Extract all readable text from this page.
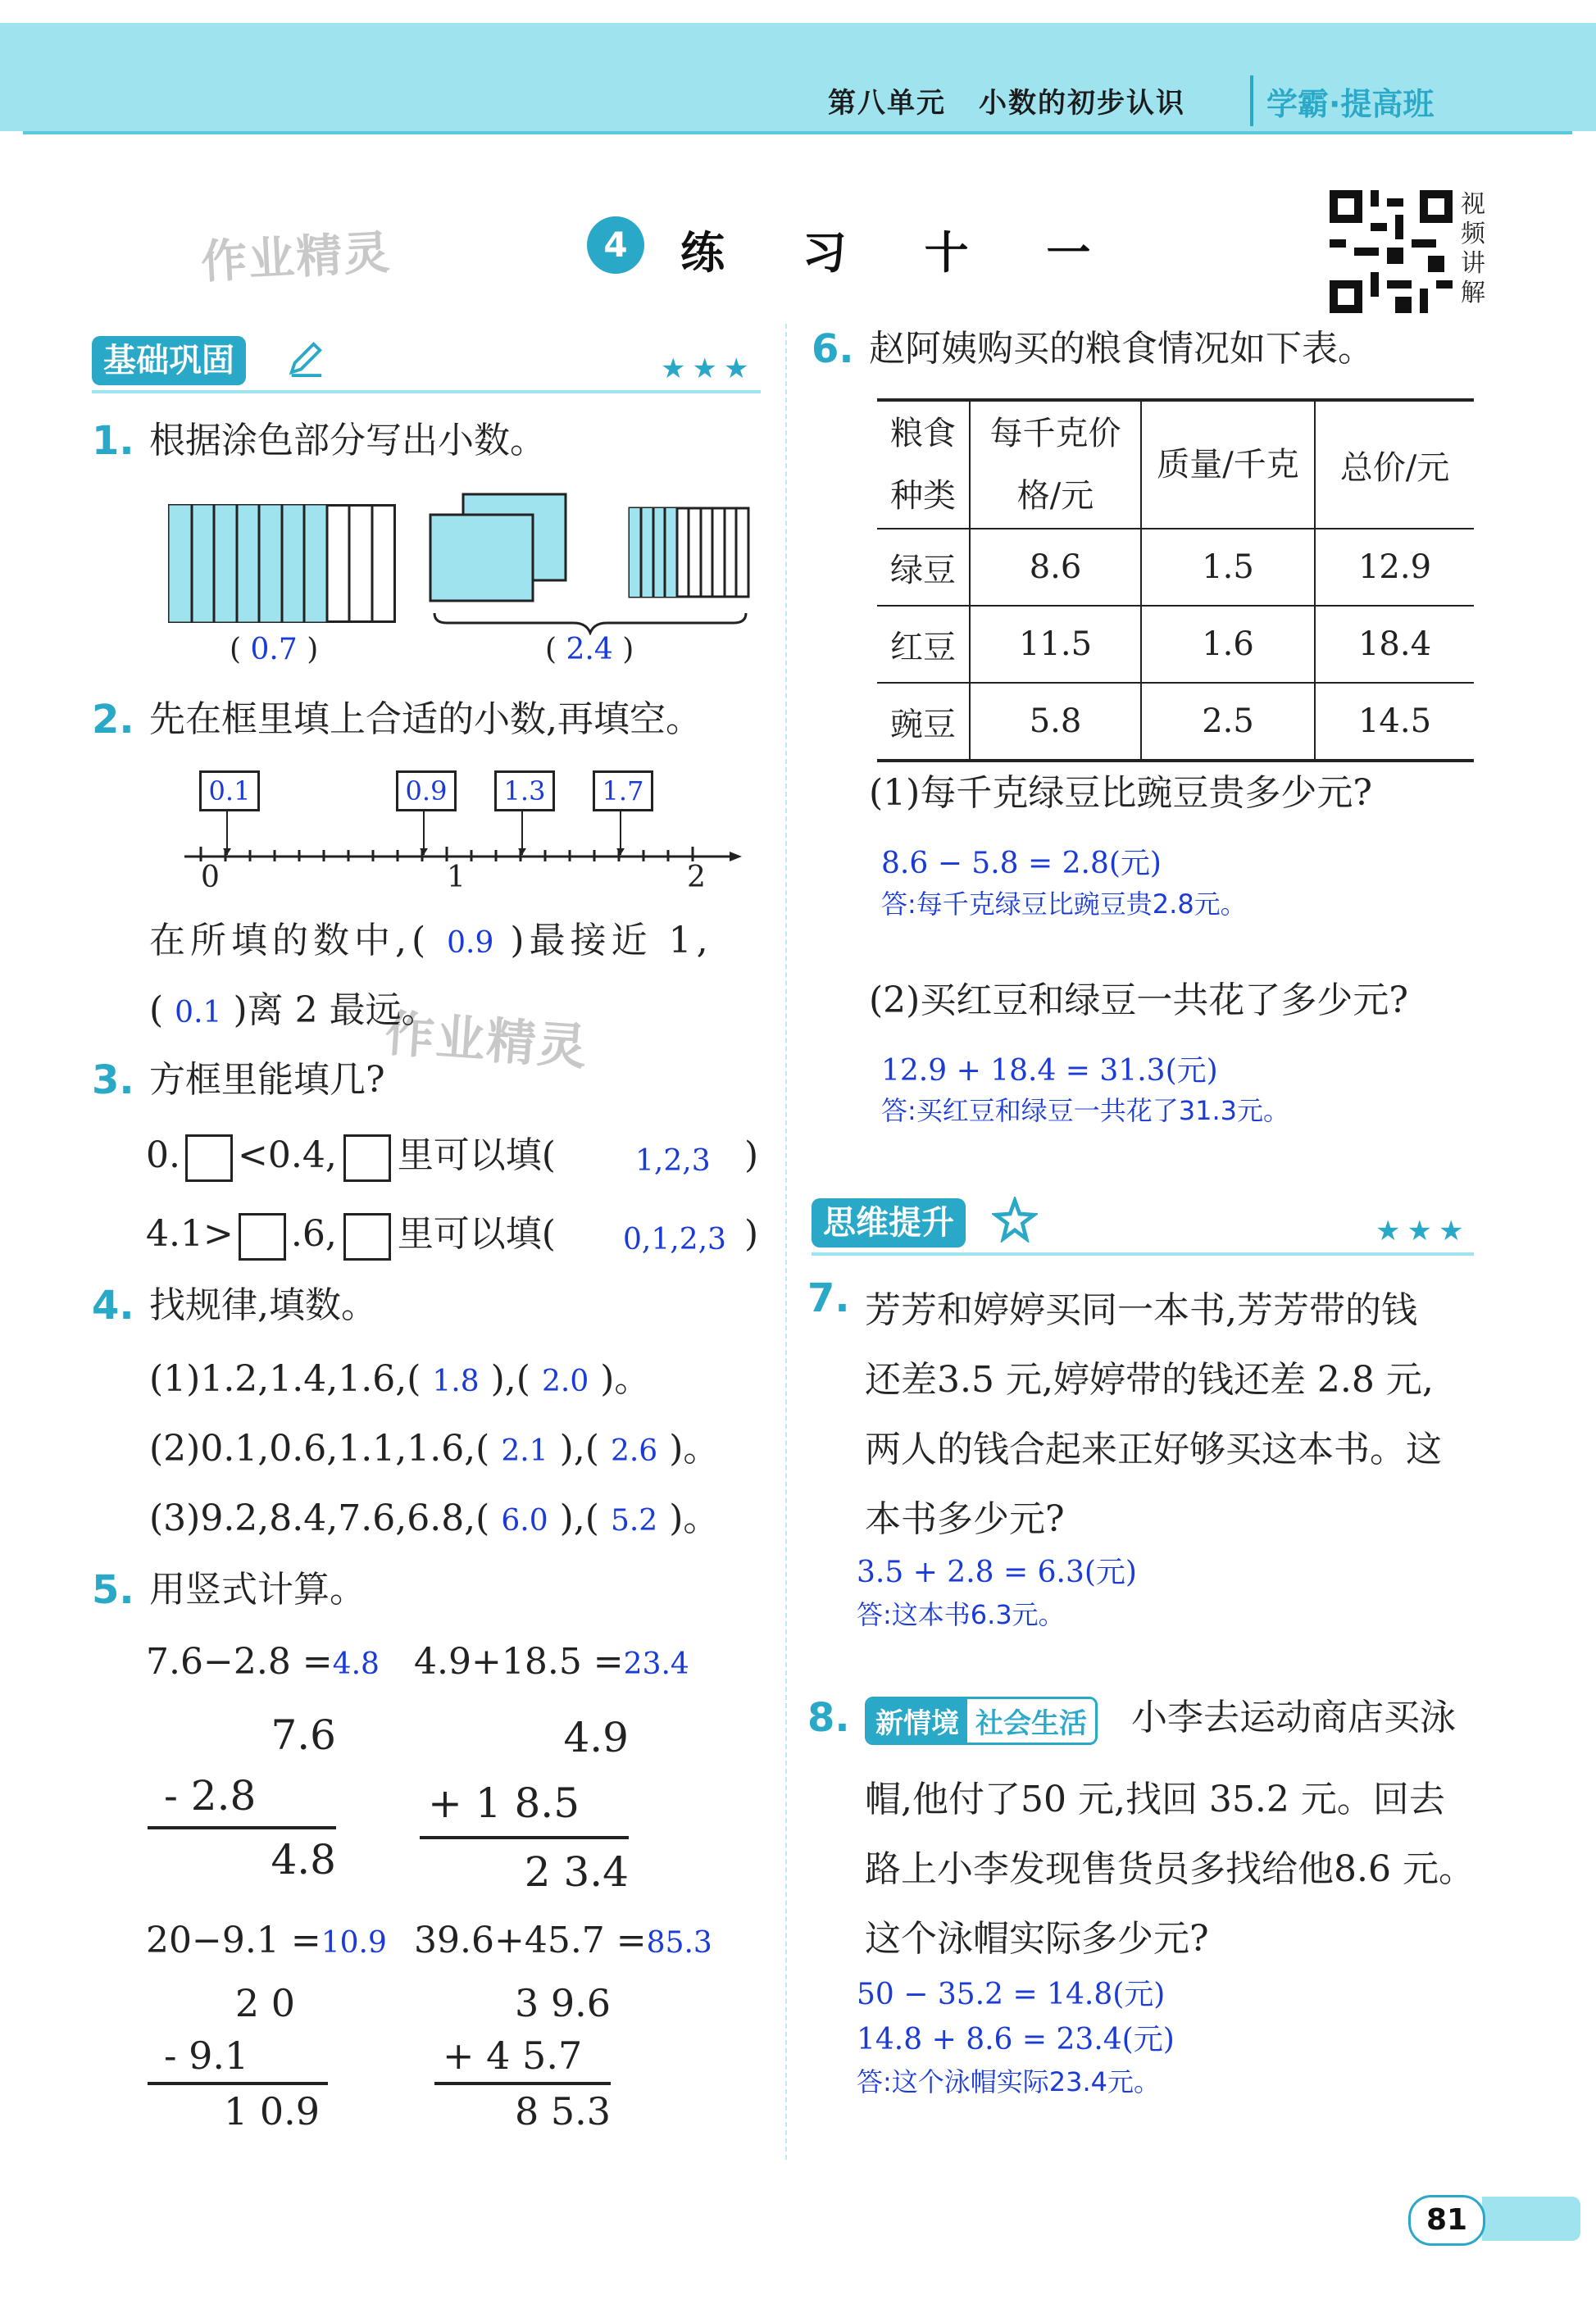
第八单元 小数的初步认识	学霸·提高班
作业精灵
作业精灵
4	练 习 十 一
视频讲解
基础巩固	★★★
1. 根据涂色部分写出小数。
( 0.7 )	( 2.4 )
2. 先在框里填上合适的小数,再填空。
0.1	0.9	1.3	1.7
0	1	2
在所填的数中,( 0.9 )最接近 1,
( 0.1 )离 2 最远。
3. 方框里能填几?
0. <0.4, 里可以填(	1,2,3 )
4.1> .6, 里可以填( 0,1,2,3 )
4. 找规律,填数。
(1)1.2,1.4,1.6,( 1.8 ),( 2.0 )。
(2)0.1,0.6,1.1,1.6,( 2.1 ),( 2.6 )。
(3)9.2,8.4,7.6,6.8,( 6.0 ),( 5.2 )。
5. 用竖式计算。
7.6−2.8 =4.8 4.9+18.5 =23.4
7.6
- 2.8
4.8
4.9
+ 1 8.5
2 3.4
20−9.1 =10.9 39.6+45.7 =85.3
2 0
- 9.1
1 0.9
3 9.6
+ 4 5.7
8 5.3
6. 赵阿姨购买的粮食情况如下表。
粮食种类	每千克价格/元	质量/千克	总价/元
绿豆	8.6	1.5	12.9
红豆	11.5	1.6	18.4
豌豆	5.8	2.5	14.5
(1)每千克绿豆比豌豆贵多少元?
8.6 − 5.8 = 2.8(元)
答:每千克绿豆比豌豆贵2.8元。
(2)买红豆和绿豆一共花了多少元?
12.9 + 18.4 = 31.3(元)
答:买红豆和绿豆一共花了31.3元。
思维提升	★★★
7. 芳芳和婷婷买同一本书,芳芳带的钱
还差3.5 元,婷婷带的钱还差 2.8 元,
两人的钱合起来正好够买这本书。这
本书多少元?
3.5 + 2.8 = 6.3(元)
答:这本书6.3元。
8. 新情境 社会生活 小李去运动商店买泳
帽,他付了50 元,找回 35.2 元。回去
路上小李发现售货员多找给他8.6 元。
这个泳帽实际多少元?
50 − 35.2 = 14.8(元)
14.8 + 8.6 = 23.4(元)
答:这个泳帽实际23.4元。
81
